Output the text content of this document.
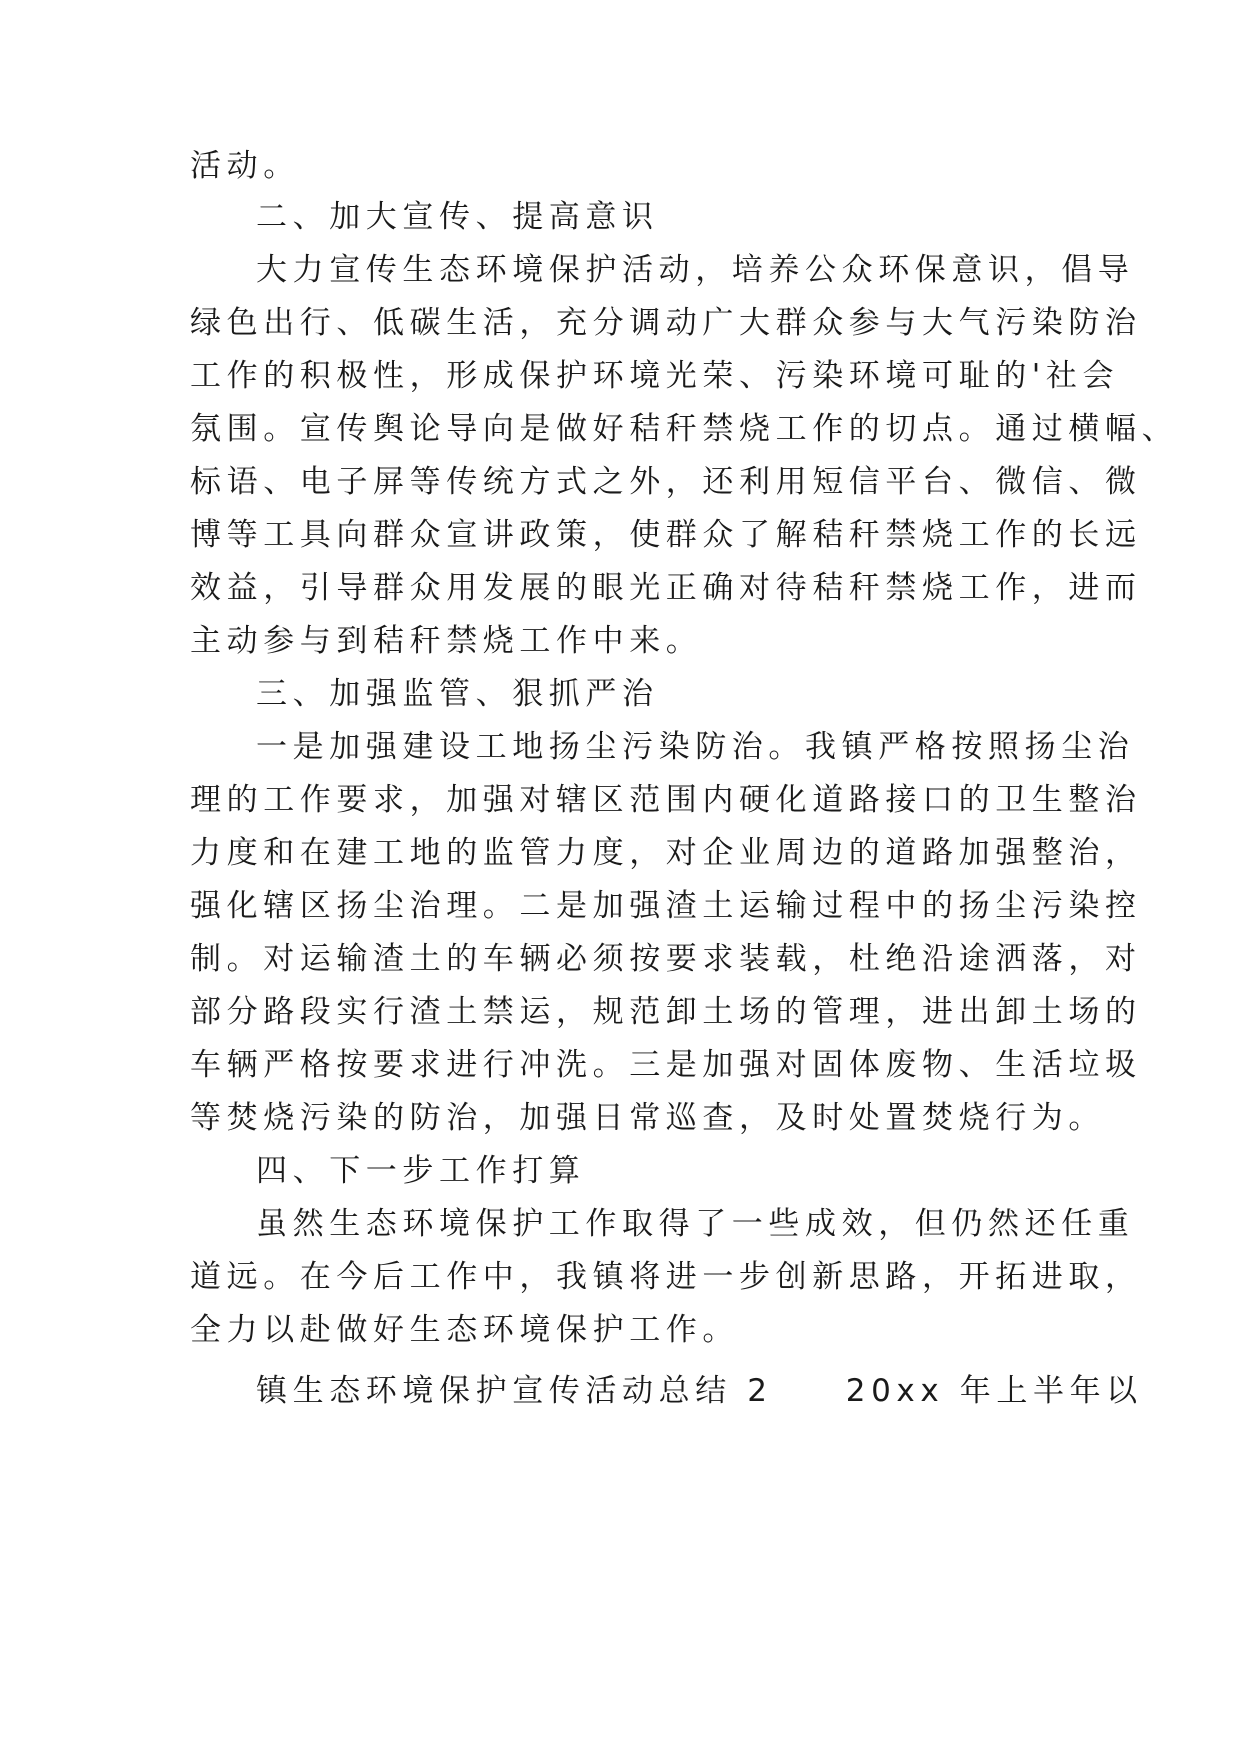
活动。
二、加大宣传、提高意识
大力宣传生态环境保护活动，培养公众环保意识，倡导
绿色出行、低碳生活，充分调动广大群众参与大气污染防治
工作的积极性，形成保护环境光荣、污染环境可耻的'社会
氛围。宣传舆论导向是做好秸秆禁烧工作的切点。通过横幅、
标语、电子屏等传统方式之外，还利用短信平台、微信、微
博等工具向群众宣讲政策，使群众了解秸秆禁烧工作的长远
效益，引导群众用发展的眼光正确对待秸秆禁烧工作，进而
主动参与到秸秆禁烧工作中来。
三、加强监管、狠抓严治
一是加强建设工地扬尘污染防治。我镇严格按照扬尘治
理的工作要求，加强对辖区范围内硬化道路接口的卫生整治
力度和在建工地的监管力度，对企业周边的道路加强整治，
强化辖区扬尘治理。二是加强渣土运输过程中的扬尘污染控
制。对运输渣土的车辆必须按要求装载，杜绝沿途洒落，对
部分路段实行渣土禁运，规范卸土场的管理，进出卸土场的
车辆严格按要求进行冲洗。三是加强对固体废物、生活垃圾
等焚烧污染的防治，加强日常巡查，及时处置焚烧行为。
四、下一步工作打算
虽然生态环境保护工作取得了一些成效，但仍然还任重
道远。在今后工作中，我镇将进一步创新思路，开拓进取，
全力以赴做好生态环境保护工作。
镇生态环境保护宣传活动总结 2　　20xx 年上半年以
